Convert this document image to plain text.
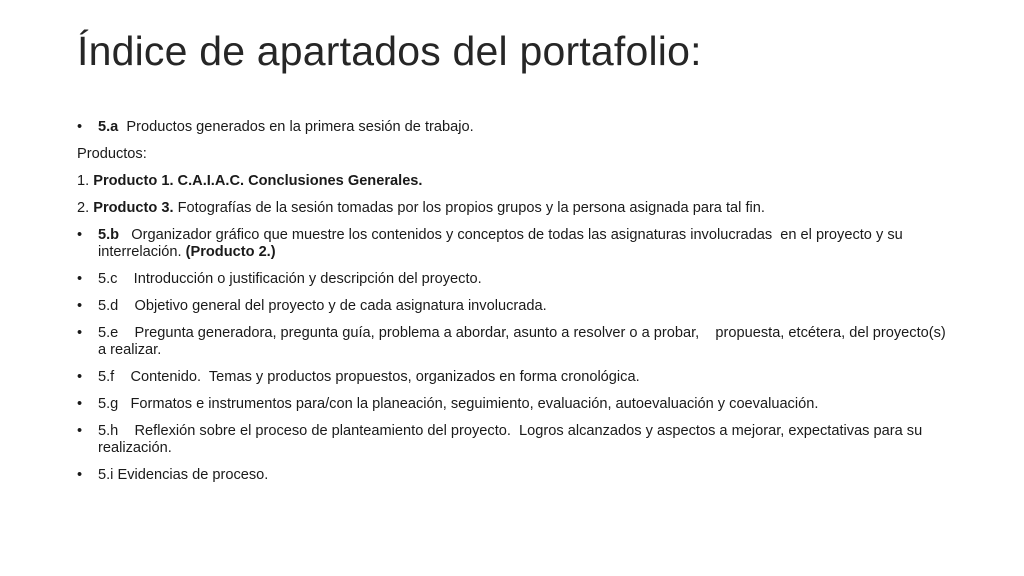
Índice de apartados del portafolio:
• 5.a  Productos generados en la primera sesión de trabajo.
Productos:
1. Producto 1. C.A.I.A.C. Conclusiones Generales.
2. Producto 3. Fotografías de la sesión tomadas por los propios grupos y la persona asignada para tal fin.
• 5.b   Organizador gráfico que muestre los contenidos y conceptos de todas las asignaturas involucradas  en el proyecto y su interrelación. (Producto 2.)
• 5.c    Introducción o justificación y descripción del proyecto.
• 5.d    Objetivo general del proyecto y de cada asignatura involucrada.
• 5.e    Pregunta generadora, pregunta guía, problema a abordar, asunto a resolver o a probar,    propuesta, etcétera, del proyecto(s) a realizar.
• 5.f    Contenido.  Temas y productos propuestos, organizados en forma cronológica.
• 5.g   Formatos e instrumentos para/con la planeación, seguimiento, evaluación, autoevaluación y coevaluación.
• 5.h    Reflexión sobre el proceso de planteamiento del proyecto.  Logros alcanzados y aspectos a mejorar, expectativas para su realización.
• 5.i Evidencias de proceso.
